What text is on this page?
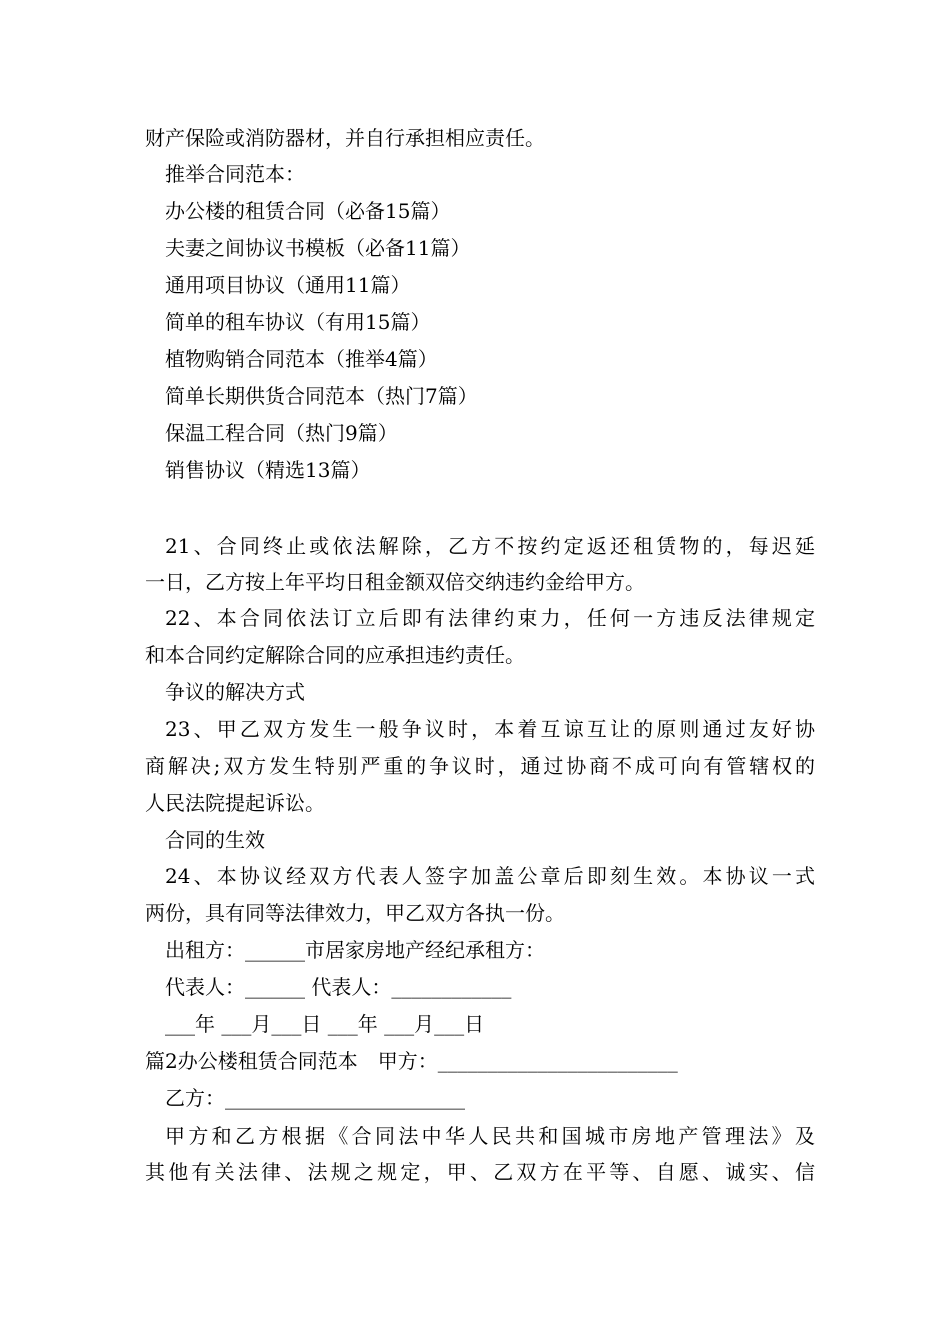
财产保险或消防器材，并自行承担相应责任。
推举合同范本：
办公楼的租赁合同（必备15篇）
夫妻之间协议书模板（必备11篇）
通用项目协议（通用11篇）
简单的租车协议（有用15篇）
植物购销合同范本（推举4篇）
简单长期供货合同范本（热门7篇）
保温工程合同（热门9篇）
销售协议（精选13篇）
21、合同终止或依法解除，乙方不按约定返还租赁物的，每迟延
一日，乙方按上年平均日租金额双倍交纳违约金给甲方。
22、本合同依法订立后即有法律约束力，任何一方违反法律规定
和本合同约定解除合同的应承担违约责任。
争议的解决方式
23、甲乙双方发生一般争议时，本着互谅互让的原则通过友好协
商解决;双方发生特别严重的争议时，通过协商不成可向有管辖权的
人民法院提起诉讼。
合同的生效
24、本协议经双方代表人签字加盖公章后即刻生效。本协议一式
两份，具有同等法律效力，甲乙双方各执一份。
出租方：______市居家房地产经纪承租方：
代表人：______ 代表人：____________
___年 ___月___日 ___年 ___月___日
篇2办公楼租赁合同范本　甲方：________________________
乙方：________________________
甲方和乙方根据《合同法中华人民共和国城市房地产管理法》及
其他有关法律、法规之规定，甲、乙双方在平等、自愿、诚实、信
